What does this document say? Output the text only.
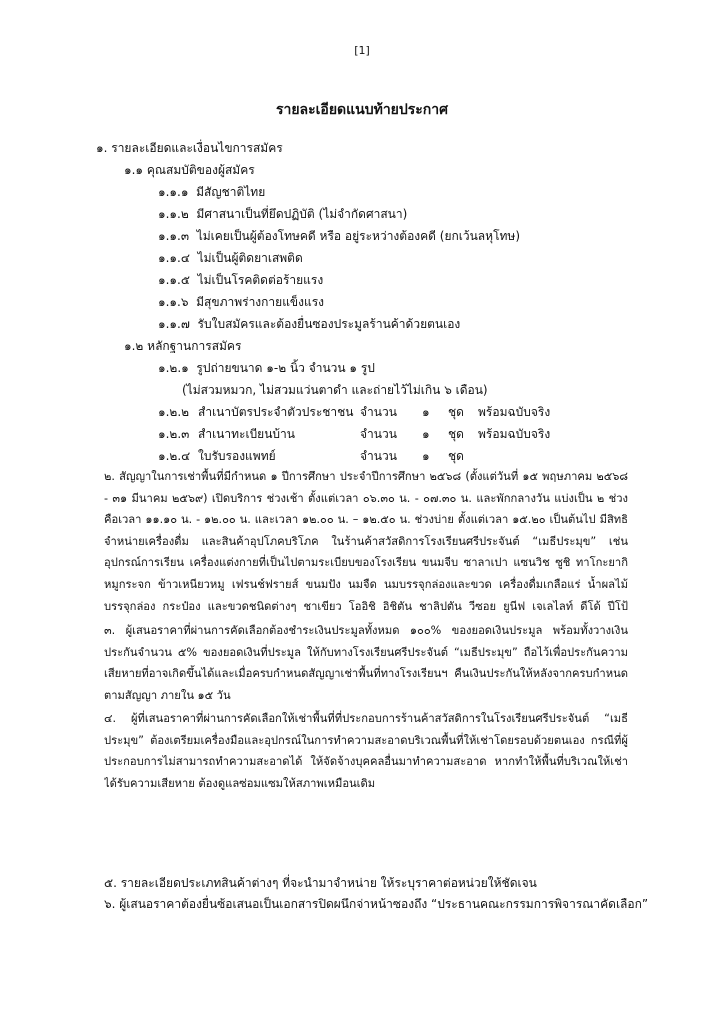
[1]
รายละเอียดแนบท้ายประกาศ
๑. รายละเอียดและเงื่อนไขการสมัคร
๑.๑ คุณสมบัติของผู้สมัคร
๑.๑.๑ มีสัญชาติไทย
๑.๑.๒ มีศาสนาเป็นที่ยึดปฏิบัติ (ไม่จำกัดศาสนา)
๑.๑.๓ ไม่เคยเป็นผู้ต้องโทษคดี หรือ อยู่ระหว่างต้องคดี (ยกเว้นลหุโทษ)
๑.๑.๔ ไม่เป็นผู้ติดยาเสพติด
๑.๑.๕ ไม่เป็นโรคติดต่อร้ายแรง
๑.๑.๖ มีสุขภาพร่างกายแข็งแรง
๑.๑.๗ รับใบสมัครและต้องยื่นซองประมูลร้านค้าด้วยตนเอง
๑.๒ หลักฐานการสมัคร
๑.๒.๑ รูปถ่ายขนาด ๑-๒ นิ้ว จำนวน ๑ รูป
(ไม่สวมหมวก, ไม่สวมแว่นตาดำ และถ่ายไว้ไม่เกิน ๖ เดือน)
๑.๒.๒ สำเนาบัตรประจำตัวประชาชน จำนวน ๑ ชุด พร้อมฉบับจริง
๑.๒.๓ สำเนาทะเบียนบ้าน	จำนวน ๑ ชุด พร้อมฉบับจริง
๑.๒.๔ ใบรับรองแพทย์	จำนวน ๑ ชุด
๒. สัญญาในการเช่าพื้นที่มีกำหนด ๑ ปีการศึกษา ประจำปีการศึกษา ๒๕๖๘ (ตั้งแต่วันที่ ๑๕ พฤษภาคม ๒๕๖๘ - ๓๑ มีนาคม ๒๕๖๙) เปิดบริการ ช่วงเช้า ตั้งแต่เวลา ๐๖.๓๐ น. - ๐๗.๓๐ น. และพักกลางวัน แบ่งเป็น ๒ ช่วง คือเวลา ๑๑.๑๐ น. - ๑๒.๐๐ น. และเวลา ๑๒.๐๐ น. – ๑๒.๕๐ น. ช่วงบ่าย ตั้งแต่เวลา ๑๕.๒๐ เป็นต้นไป มีสิทธิจำหน่ายเครื่องดื่ม และสินค้าอุปโภคบริโภค ในร้านค้าสวัสดิการโรงเรียนศรีประจันต์ “เมธีประมุข” เช่น อุปกรณ์การเรียน เครื่องแต่งกายที่เป็นไปตามระเบียบของโรงเรียน ขนมจีบ ซาลาเปา แซนวิช ซูชิ ทาโกะยากิ หมูกระจก ข้าวเหนียวหมู เฟรนช์ฟรายส์ ขนมปัง นมจืด นมบรรจุกล่องและขวด เครื่องดื่มเกลือแร่ น้ำผลไม้บรรจุกล่อง กระป๋อง และขวดชนิดต่างๆ ชาเขียว โออิชิ อิชิตัน ชาลิปตัน วีซอย ยูนีฟ เจเลไลท์ ดีโด้ ปีโป้
๓. ผู้เสนอราคาที่ผ่านการคัดเลือกต้องชำระเงินประมูลทั้งหมด ๑๐๐% ของยอดเงินประมูล พร้อมทั้งวางเงินประกันจำนวน ๕% ของยอดเงินที่ประมูล ให้กับทางโรงเรียนศรีประจันต์ “เมธีประมุข” ถือไว้เพื่อประกันความเสียหายที่อาจเกิดขึ้นได้และเมื่อครบกำหนดสัญญาเช่าพื้นที่ทางโรงเรียนฯ คืนเงินประกันให้หลังจากครบกำหนดตามสัญญา ภายใน ๑๕ วัน
๔. ผู้ที่เสนอราคาที่ผ่านการคัดเลือกให้เช่าพื้นที่ที่ประกอบการร้านค้าสวัสดิการในโรงเรียนศรีประจันต์ “เมธีประมุข” ต้องเตรียมเครื่องมือและอุปกรณ์ในการทำความสะอาดบริเวณพื้นที่ให้เช่าโดยรอบด้วยตนเอง กรณีที่ผู้ประกอบการไม่สามารถทำความสะอาดได้ ให้จัดจ้างบุคคลอื่นมาทำความสะอาด หากทำให้พื้นที่บริเวณให้เช่าได้รับความเสียหาย ต้องดูแลซ่อมแซมให้สภาพเหมือนเดิม
๕. รายละเอียดประเภทสินค้าต่างๆ ที่จะนำมาจำหน่าย ให้ระบุราคาต่อหน่วยให้ชัดเจน
๖. ผู้เสนอราคาต้องยื่นซ้อเสนอเป็นเอกสารปิดผนึกจ่าหน้าซองถึง “ประธานคณะกรรมการพิจารณาคัดเลือก”
